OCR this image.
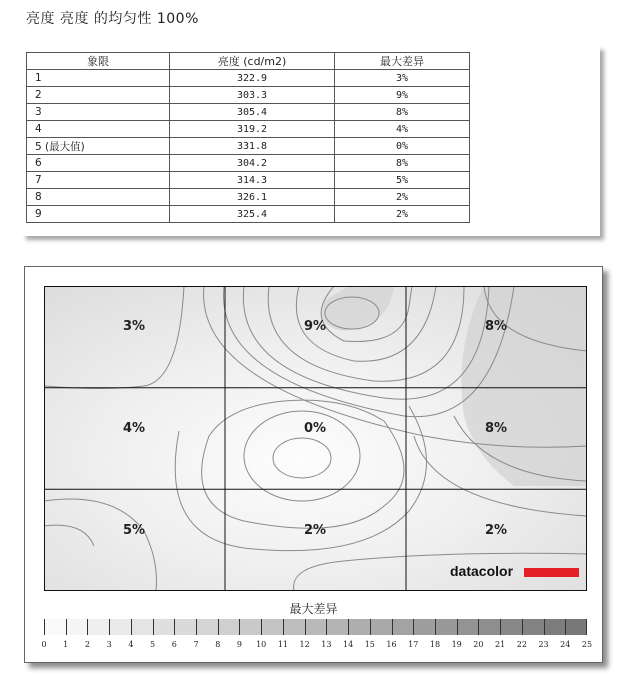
亮度 亮度 的均匀性 100%
象限	亮度 (cd/m2)	最大差异
1	322.9	3%
2	303.3	9%
3	305.4	8%
4	319.2	4%
5 (最大值)	331.8	0%
6	304.2	8%
7	314.3	5%
8	326.1	2%
9	325.4	2%
3%	9%	8%
4%	0%	8%
5%	2%	2%
datacolor
最大差异
0 1 2 3 4 5 6 7 8 9 10 11 12 13 14 15 16 17 18 19 20 21 22 23 24 25
